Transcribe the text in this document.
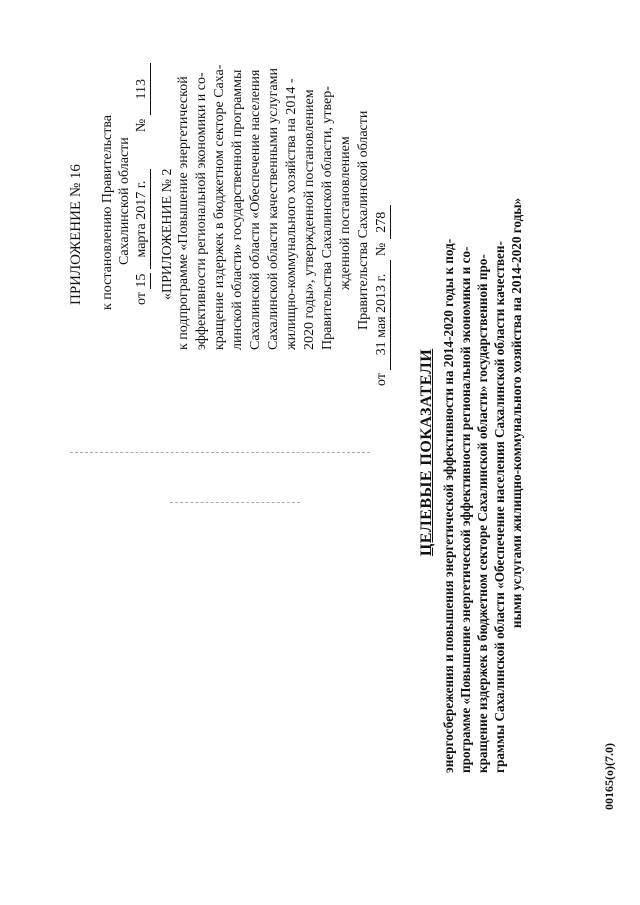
ПРИЛОЖЕНИЕ № 16 к постановлению Правительства Сахалинской области
от 15 марта 2017 г.  № 113
«ПРИЛОЖЕНИЕ № 2 к подпрограмме «Повышение энергетической эффективности региональной экономики и со- кращение издержек в бюджетном секторе Саха- линской области» государственной программы Сахалинской области «Обеспечение населения Сахалинской области качественными услугами жилищно-коммунального хозяйства на 2014 - 2020 годы», утвержденной постановлением Правительства Сахалинской области, утвер- жденной постановлением Правительства Сахалинской области
от 31 мая 2013 г. № 278
ЦЕЛЕВЫЕ ПОКАЗАТЕЛИ энергосбережения и повышения энергетической эффективности на 2014-2020 годы к под- программе «Повышение энергетической эффективности региональной экономики и со- кращение издержек в бюджетном секторе Сахалинской области» государственной про- граммы Сахалинской области «Обеспечение населения Сахалинской области качествен- ными услугами жилищно-коммунального хозяйства на 2014-2020 годы»
00165(о)(7.0)
